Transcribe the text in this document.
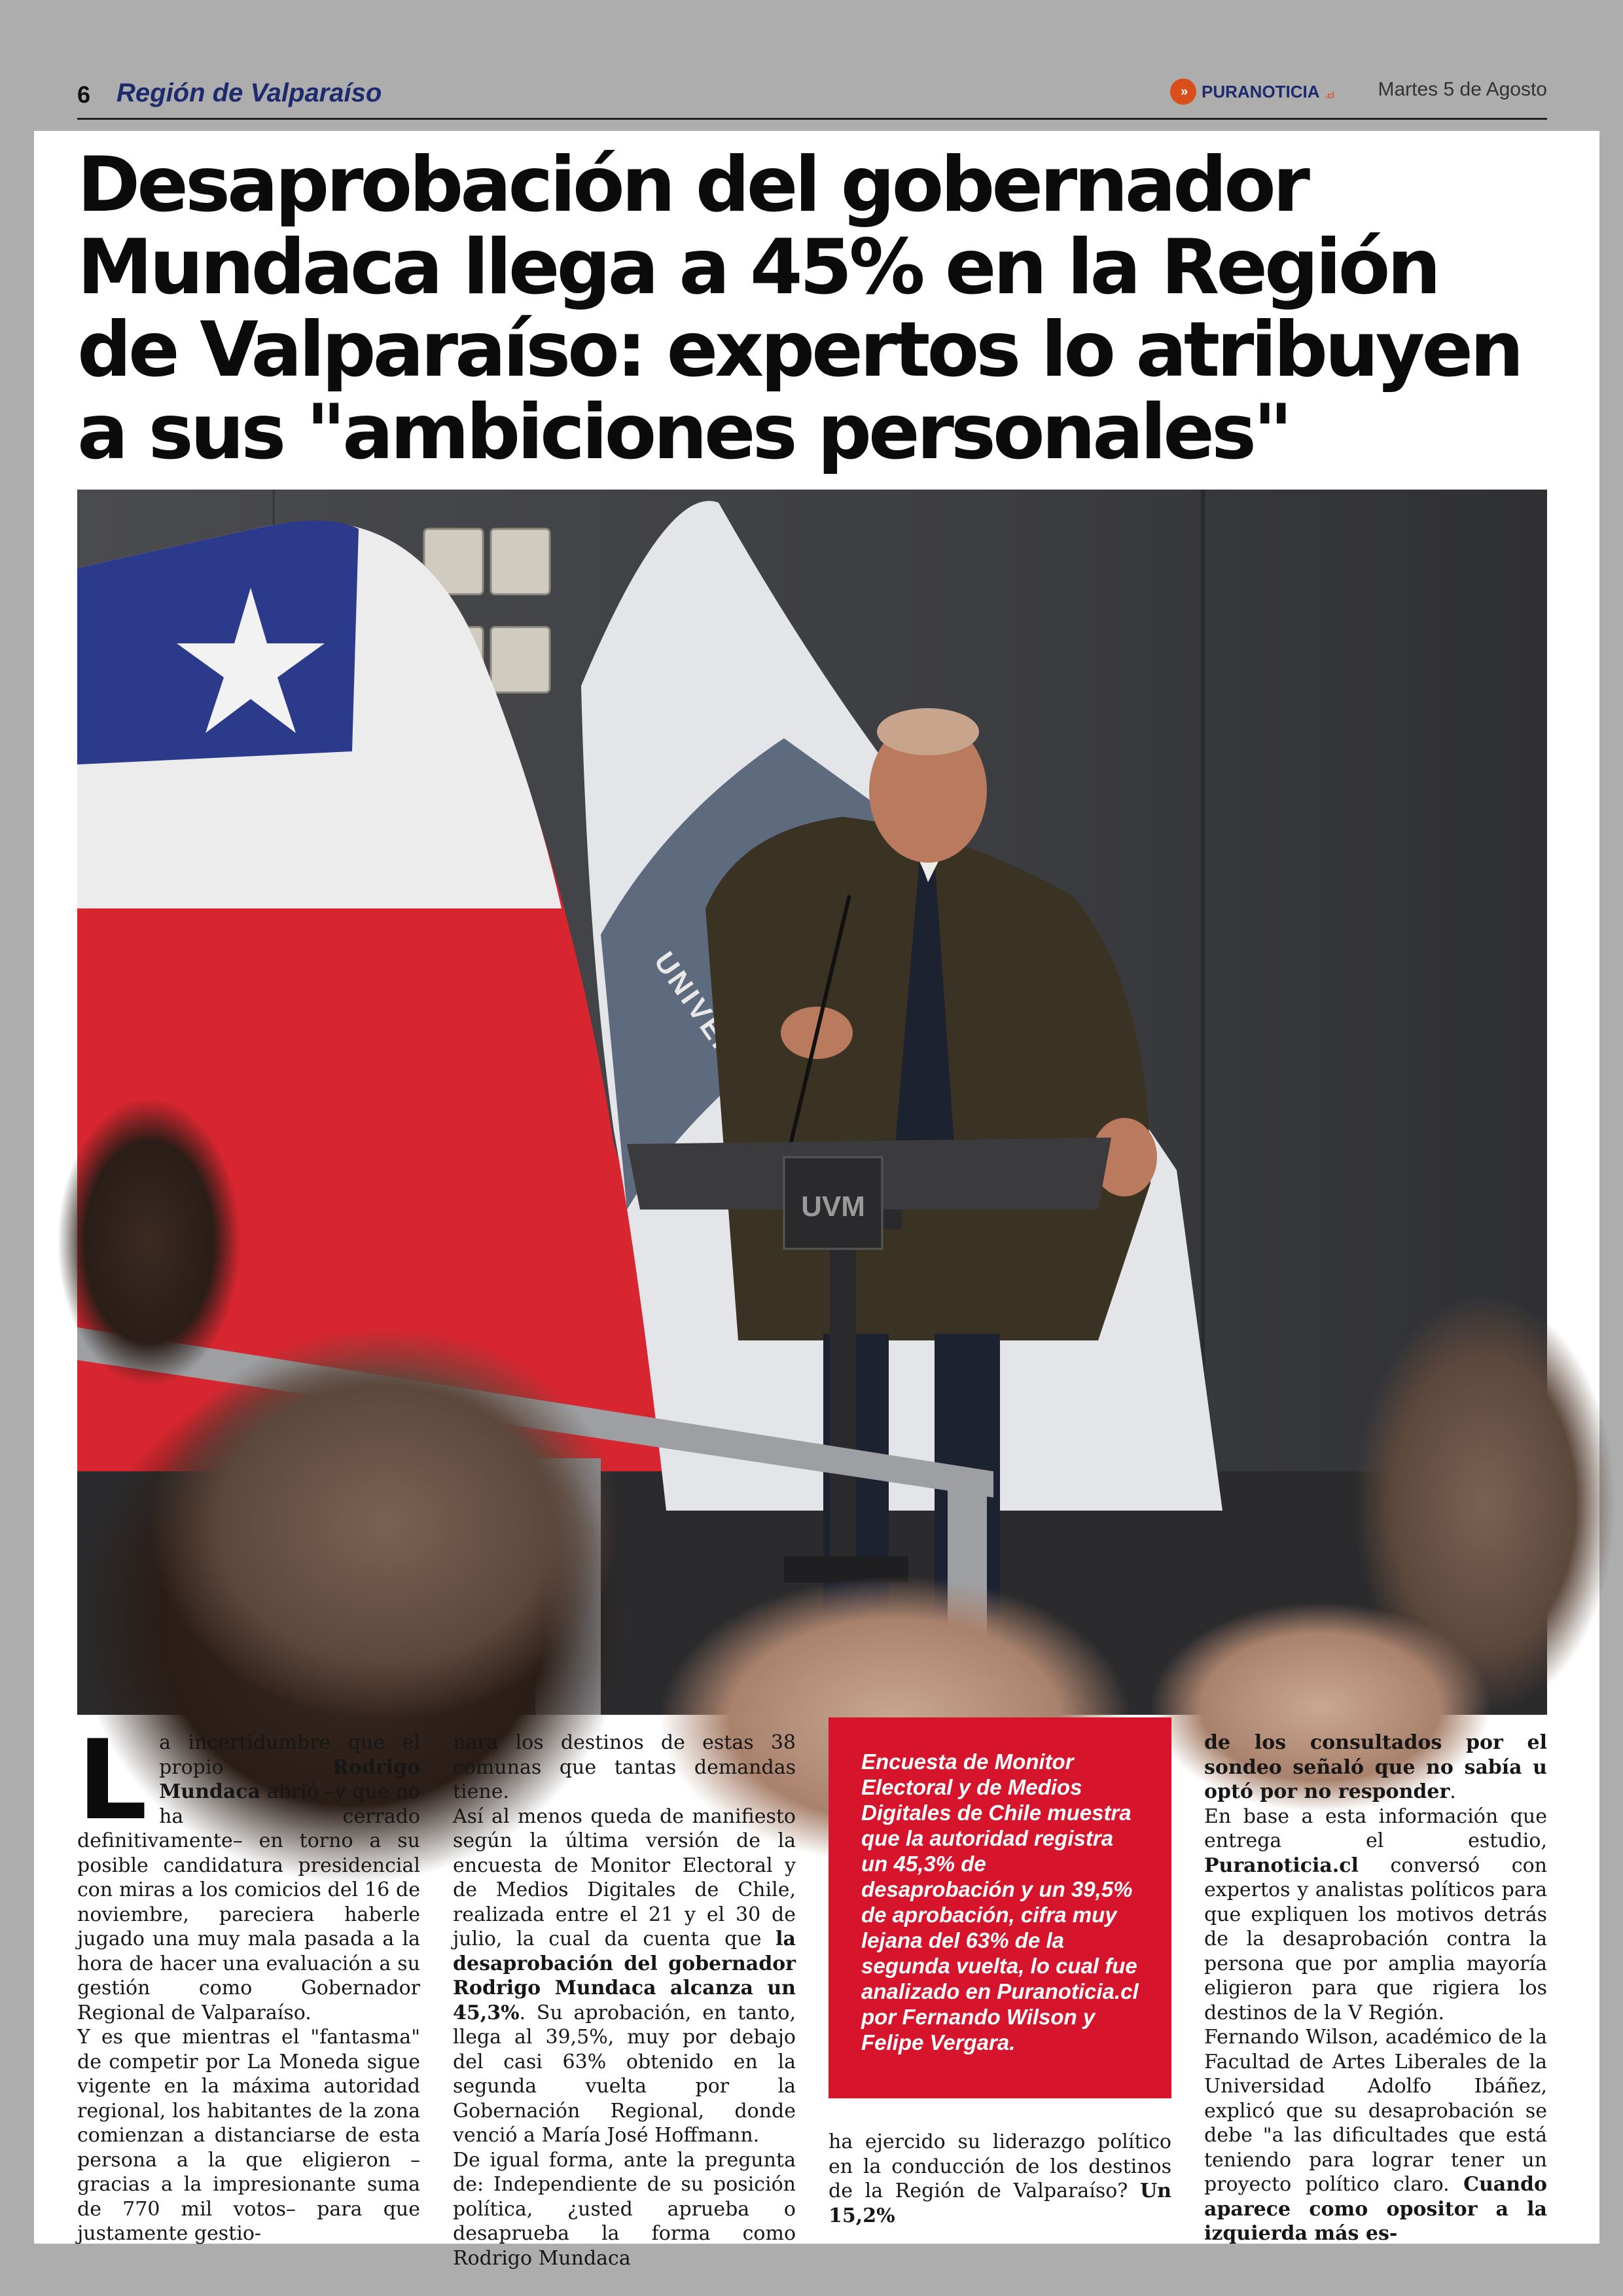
6 Región de Valparaíso	» PURANOTICIA .cl Martes 5 de Agosto
Desaprobación del gobernador Mundaca llega a 45% en la Región de Valparaíso: expertos lo atribuyen a sus "ambiciones personales"
UVM

La incertidumbre que el propio Rodrigo Mundaca abrió –y que no ha cerrado definitivamente– en torno a su posible candidatura presidencial con miras a los comicios del 16 de noviembre, pareciera haberle jugado una muy mala pasada a la hora de hacer una evaluación a su gestión como Gobernador Regional de Valparaíso.

Y es que mientras el "fantasma" de competir por La Moneda sigue vigente en la máxima autoridad regional, los habitantes de la zona comienzan a distanciarse de esta persona a la que eligieron –gracias a la impresionante suma de 770 mil votos– para que justamente gestio-

nara los destinos de estas 38 comunas que tantas demandas tiene.

Así al menos queda de manifiesto según la última versión de la encuesta de Monitor Electoral y de Medios Digitales de Chile, realizada entre el 21 y el 30 de julio, la cual da cuenta que la desaprobación del gobernador Rodrigo Mundaca alcanza un 45,3%. Su aprobación, en tanto, llega al 39,5%, muy por debajo del casi 63% obtenido en la segunda vuelta por la Gobernación Regional, donde venció a María José Hoffmann.

De igual forma, ante la pregunta de: Independiente de su posición política, ¿usted aprueba o desaprueba la forma como Rodrigo Mundaca

Encuesta de Monitor Electoral y de Medios Digitales de Chile muestra que la autoridad registra un 45,3% de desaprobación y un 39,5% de aprobación, cifra muy lejana del 63% de la segunda vuelta, lo cual fue analizado en Puranoticia.cl por Fernando Wilson y Felipe Vergara.

ha ejercido su liderazgo político en la conducción de los destinos de la Región de Valparaíso? Un 15,2%

de los consultados por el sondeo señaló que no sabía u optó por no responder.

En base a esta información que entrega el estudio, Puranoticia.cl conversó con expertos y analistas políticos para que expliquen los motivos detrás de la desaprobación contra la persona que por amplia mayoría eligieron para que rigiera los destinos de la V Región.

Fernando Wilson, académico de la Facultad de Artes Liberales de la Universidad Adolfo Ibáñez, explicó que su desaprobación se debe "a las dificultades que está teniendo para lograr tener un proyecto político claro. Cuando aparece como opositor a la izquierda más es-
